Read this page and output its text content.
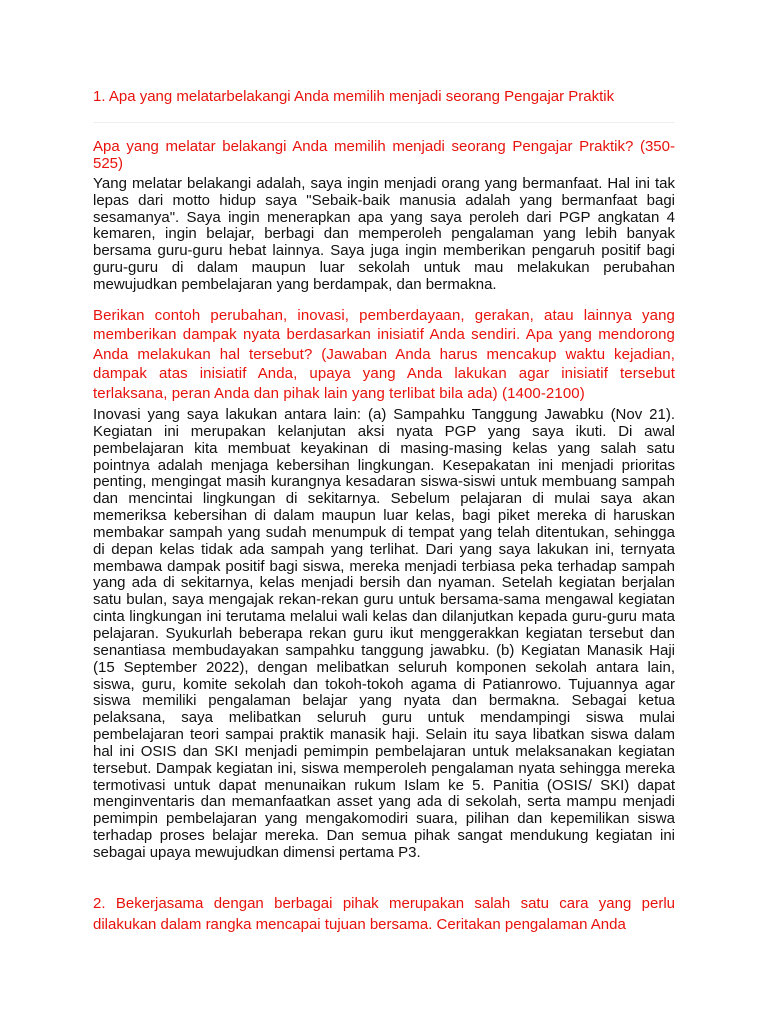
1. Apa yang melatarbelakangi Anda memilih menjadi seorang Pengajar Praktik

Apa yang melatar belakangi Anda memilih menjadi seorang Pengajar Praktik? (350-525)

Yang melatar belakangi adalah, saya ingin menjadi orang yang bermanfaat. Hal ini tak lepas dari motto hidup saya "Sebaik-baik manusia adalah yang bermanfaat bagi sesamanya". Saya ingin menerapkan apa yang saya peroleh dari PGP angkatan 4 kemaren, ingin belajar, berbagi dan memperoleh pengalaman yang lebih banyak bersama guru-guru hebat lainnya. Saya juga ingin memberikan pengaruh positif bagi guru-guru di dalam maupun luar sekolah untuk mau melakukan perubahan mewujudkan pembelajaran yang berdampak, dan bermakna.

Berikan contoh perubahan, inovasi, pemberdayaan, gerakan, atau lainnya yang memberikan dampak nyata berdasarkan inisiatif Anda sendiri. Apa yang mendorong Anda melakukan hal tersebut? (Jawaban Anda harus mencakup waktu kejadian, dampak atas inisiatif Anda, upaya yang Anda lakukan agar inisiatif tersebut terlaksana, peran Anda dan pihak lain yang terlibat bila ada) (1400-2100)

Inovasi yang saya lakukan antara lain: (a) Sampahku Tanggung Jawabku (Nov 21). Kegiatan ini merupakan kelanjutan aksi nyata PGP yang saya ikuti. Di awal pembelajaran kita membuat keyakinan di masing-masing kelas yang salah satu pointnya adalah menjaga kebersihan lingkungan. Kesepakatan ini menjadi prioritas penting, mengingat masih kurangnya kesadaran siswa-siswi untuk membuang sampah dan mencintai lingkungan di sekitarnya. Sebelum pelajaran di mulai saya akan memeriksa kebersihan di dalam maupun luar kelas, bagi piket mereka di haruskan membakar sampah yang sudah menumpuk di tempat yang telah ditentukan, sehingga di depan kelas tidak ada sampah yang terlihat. Dari yang saya lakukan ini, ternyata membawa dampak positif bagi siswa, mereka menjadi terbiasa peka terhadap sampah yang ada di sekitarnya, kelas menjadi bersih dan nyaman. Setelah kegiatan berjalan satu bulan, saya mengajak rekan-rekan guru untuk bersama-sama mengawal kegiatan cinta lingkungan ini terutama melalui wali kelas dan dilanjutkan kepada guru-guru mata pelajaran. Syukurlah beberapa rekan guru ikut menggerakkan kegiatan tersebut dan senantiasa membudayakan sampahku tanggung jawabku. (b) Kegiatan Manasik Haji (15 September 2022), dengan melibatkan seluruh komponen sekolah antara lain, siswa, guru, komite sekolah dan tokoh-tokoh agama di Patianrowo. Tujuannya agar siswa memiliki pengalaman belajar yang nyata dan bermakna. Sebagai ketua pelaksana, saya melibatkan seluruh guru untuk mendampingi siswa mulai pembelajaran teori sampai praktik manasik haji. Selain itu saya libatkan siswa dalam hal ini OSIS dan SKI menjadi pemimpin pembelajaran untuk melaksanakan kegiatan tersebut. Dampak kegiatan ini, siswa memperoleh pengalaman nyata sehingga mereka termotivasi untuk dapat menunaikan rukum Islam ke 5. Panitia (OSIS/ SKI) dapat menginventaris dan memanfaatkan asset yang ada di sekolah, serta mampu menjadi pemimpin pembelajaran yang mengakomodiri suara, pilihan dan kepemilikan siswa terhadap proses belajar mereka. Dan semua pihak sangat mendukung kegiatan ini sebagai upaya mewujudkan dimensi pertama P3.

2. Bekerjasama dengan berbagai pihak merupakan salah satu cara yang perlu dilakukan dalam rangka mencapai tujuan bersama. Ceritakan pengalaman Anda
